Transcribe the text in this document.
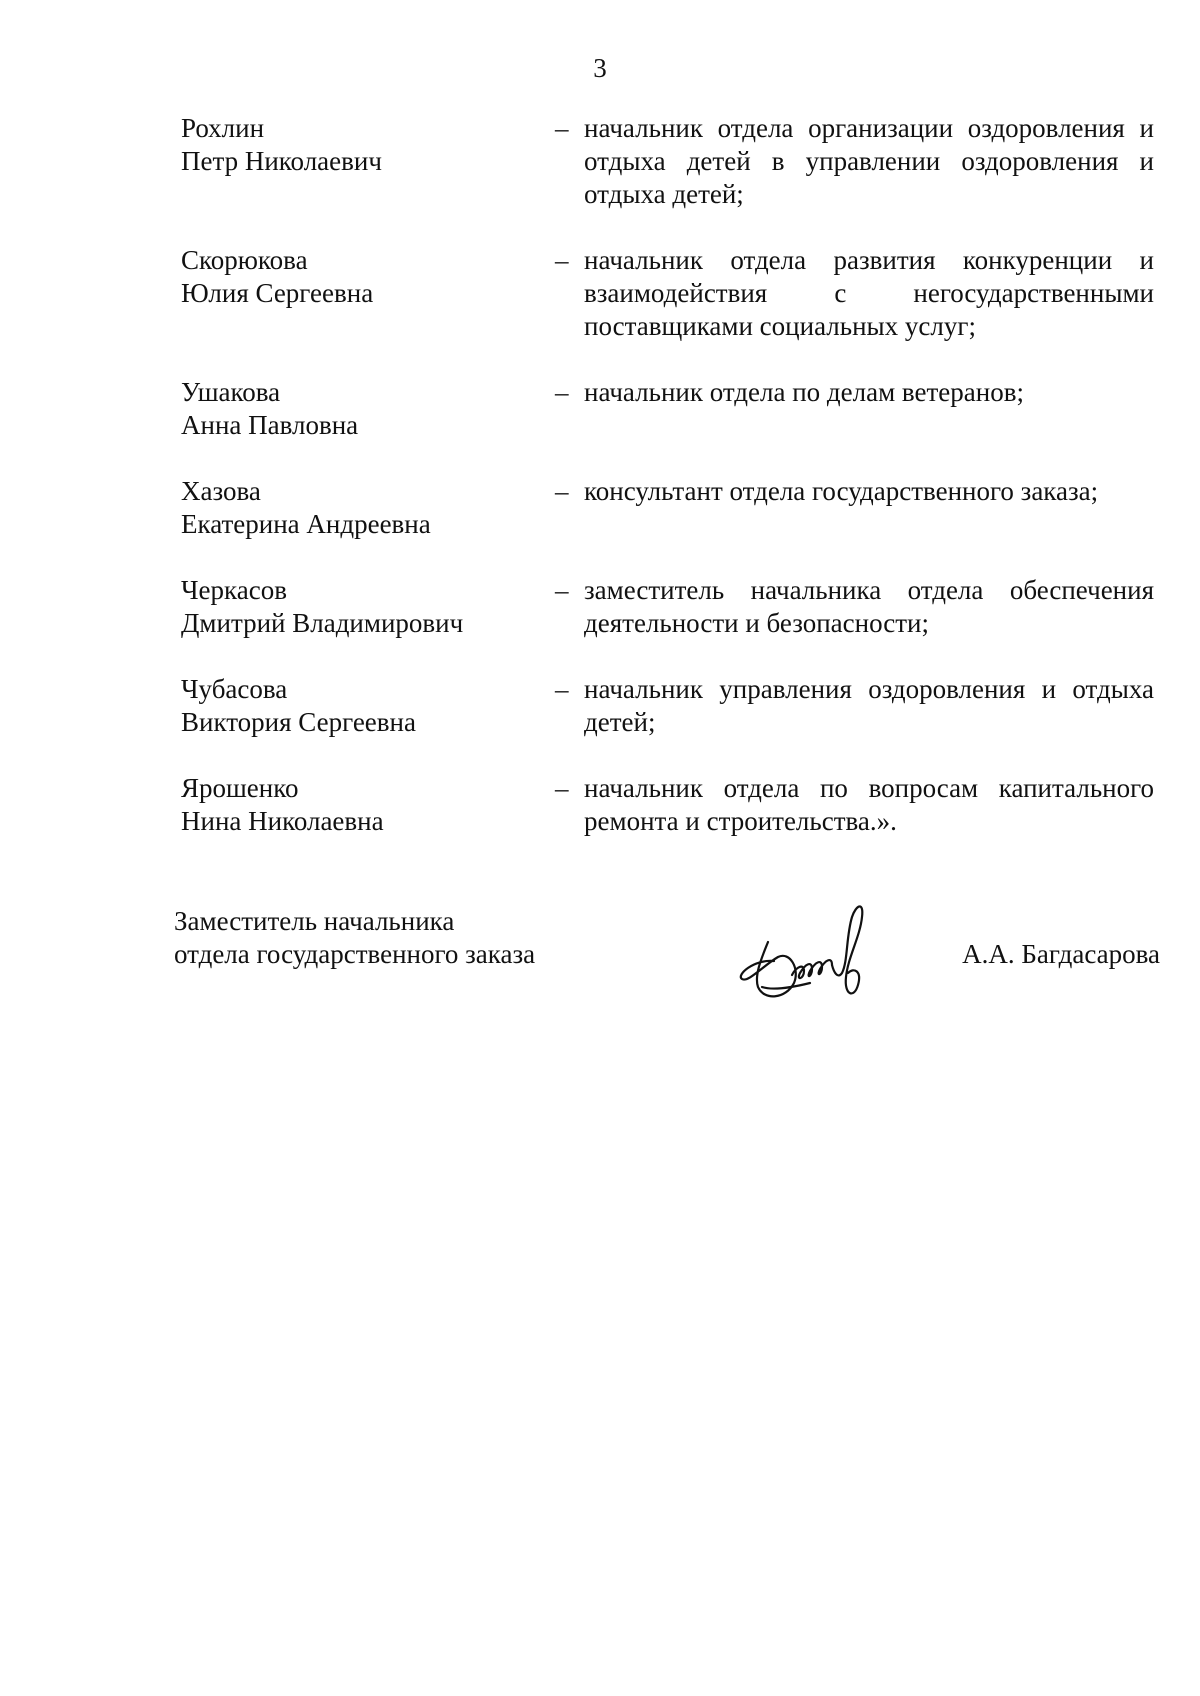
3
Рохлин
Петр Николаевич
– начальник отдела организации оздоровления и отдыха детей в управлении оздоровления и отдыха детей;
Скорюкова
Юлия Сергеевна
– начальник отдела развития конкуренции и взаимодействия с негосударственными поставщиками социальных услуг;
Ушакова
Анна Павловна
– начальник отдела по делам ветеранов;
Хазова
Екатерина Андреевна
– консультант отдела государственного заказа;
Черкасов
Дмитрий Владимирович
– заместитель начальника отдела обеспечения деятельности и безопасности;
Чубасова
Виктория Сергеевна
– начальник управления оздоровления и отдыха детей;
Ярошенко
Нина Николаевна
– начальник отдела по вопросам капитального ремонта и строительства.».
Заместитель начальника
отдела государственного заказа	А.А. Багдасарова
